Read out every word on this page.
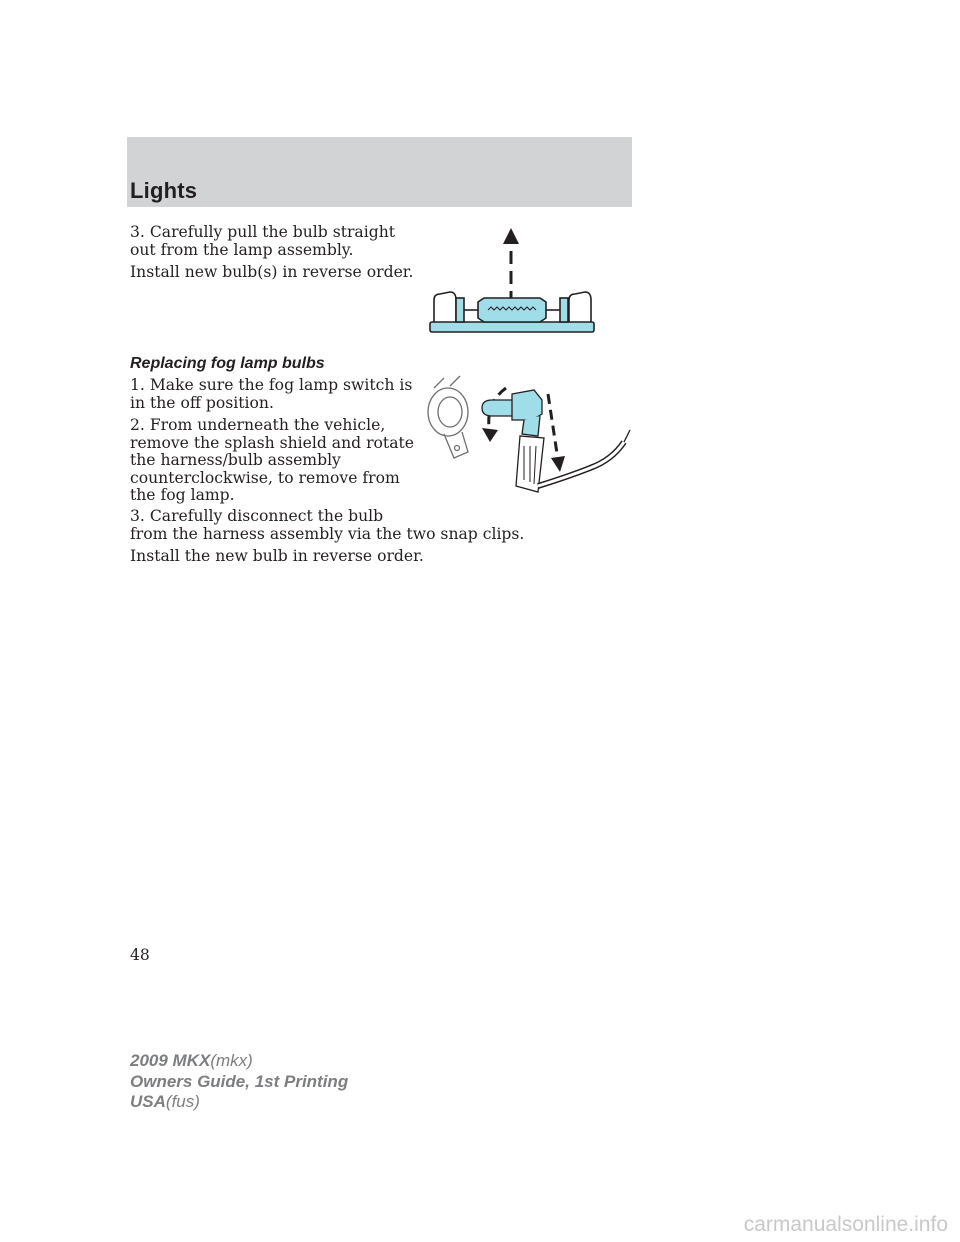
Lights

3. Carefully pull the bulb straight
out from the lamp assembly.

Install new bulb(s) in reverse order.

Replacing fog lamp bulbs

1. Make sure the fog lamp switch is
in the off position.

2. From underneath the vehicle,
remove the splash shield and rotate
the harness/bulb assembly
counterclockwise, to remove from
the fog lamp.

3. Carefully disconnect the bulb
from the harness assembly via the two snap clips.

Install the new bulb in reverse order.

48
2009 MKX(mkx)
Owners Guide, 1st Printing
USA(fus)
carmanualsonline.info
